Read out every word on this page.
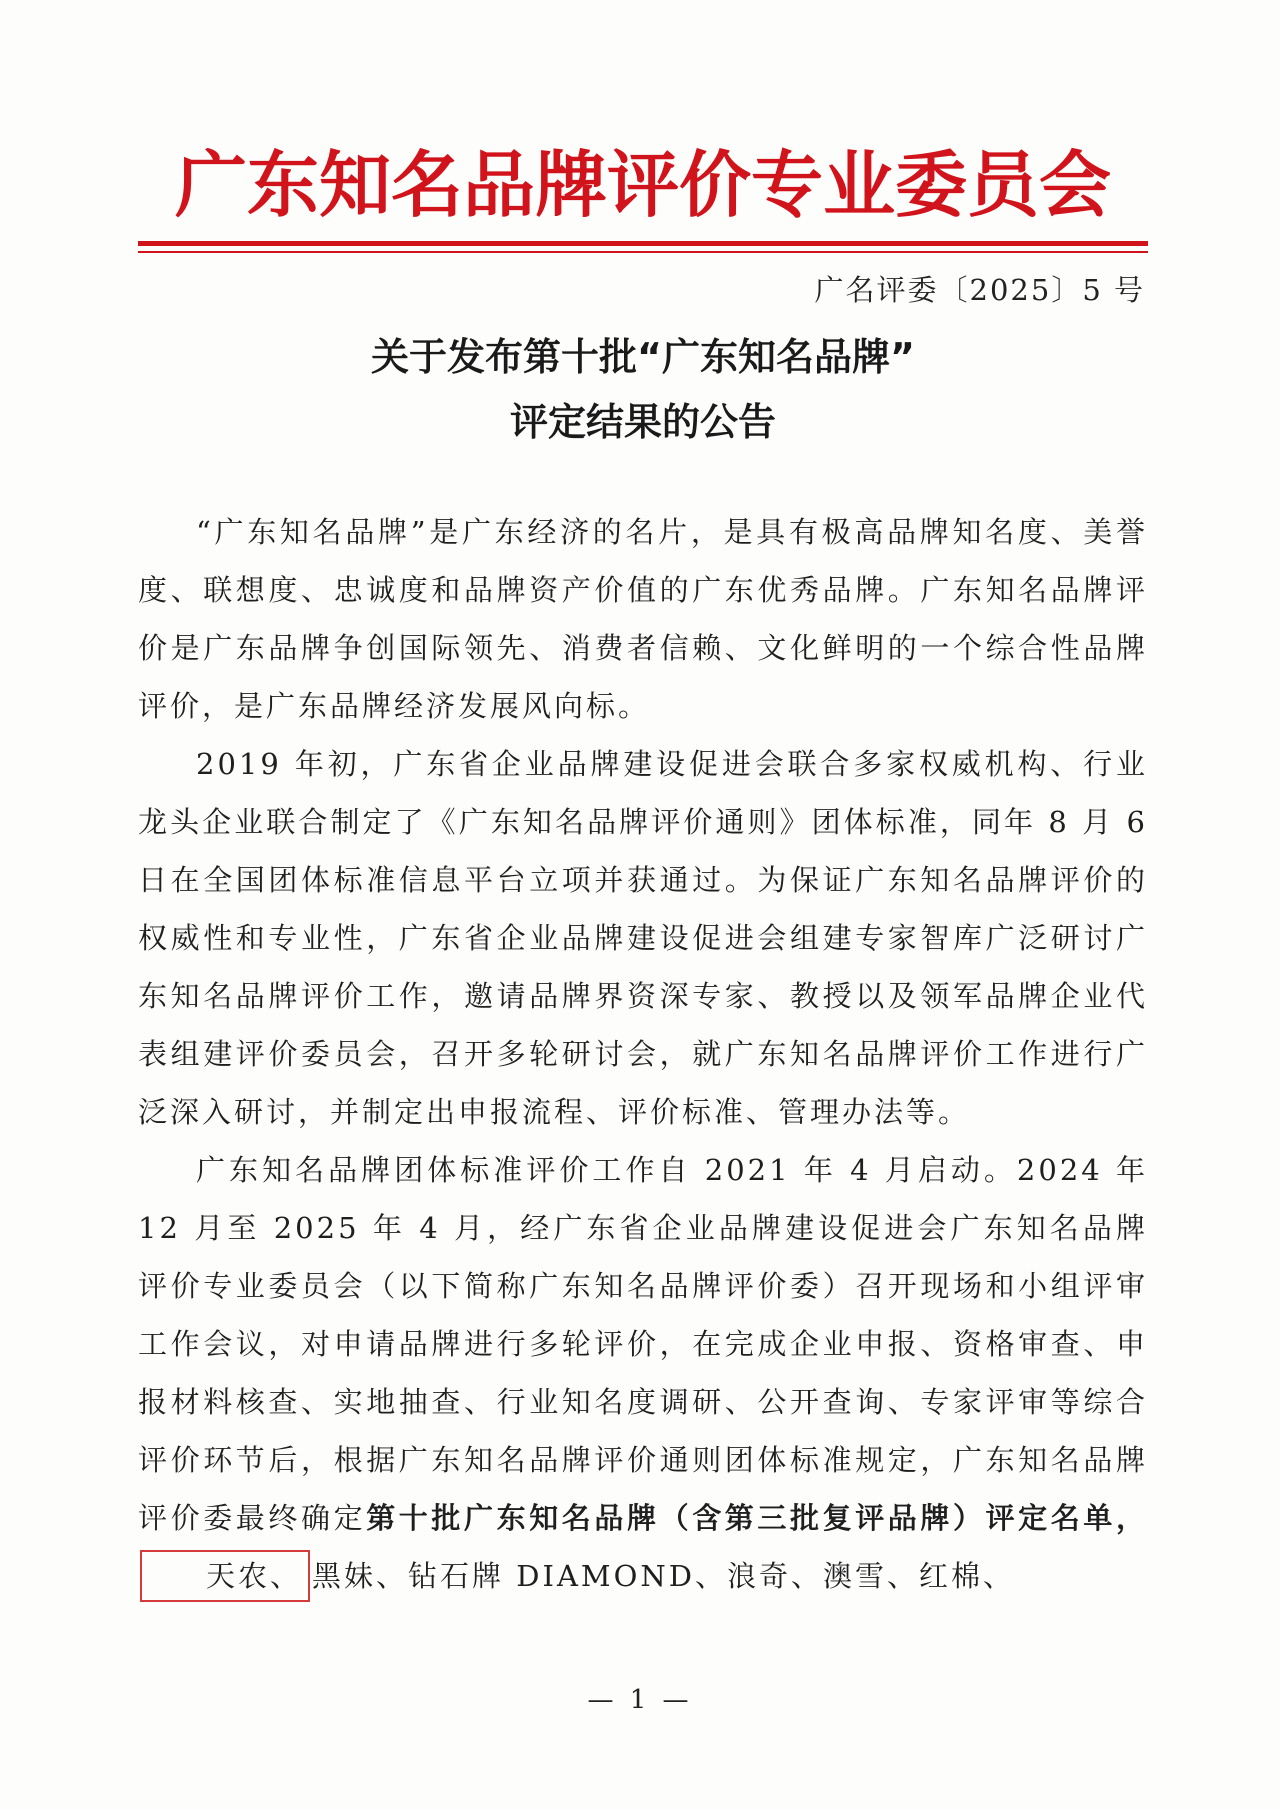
广东知名品牌评价专业委员会
广名评委〔2025〕5 号
关于发布第十批“广东知名品牌”
评定结果的公告

“广东知名品牌”是广东经济的名片，是具有极高品牌知名度、美誉度、联想度、忠诚度和品牌资产价值的广东优秀品牌。广东知名品牌评价是广东品牌争创国际领先、消费者信赖、文化鲜明的一个综合性品牌评价，是广东品牌经济发展风向标。

2019 年初，广东省企业品牌建设促进会联合多家权威机构、行业龙头企业联合制定了《广东知名品牌评价通则》团体标准，同年 8 月 6 日在全国团体标准信息平台立项并获通过。为保证广东知名品牌评价的权威性和专业性，广东省企业品牌建设促进会组建专家智库广泛研讨广东知名品牌评价工作，邀请品牌界资深专家、教授以及领军品牌企业代表组建评价委员会，召开多轮研讨会，就广东知名品牌评价工作进行广泛深入研讨，并制定出申报流程、评价标准、管理办法等。

广东知名品牌团体标准评价工作自 2021 年 4 月启动。2024 年 12 月至 2025 年 4 月，经广东省企业品牌建设促进会广东知名品牌评价专业委员会（以下简称广东知名品牌评价委）召开现场和小组评审工作会议，对申请品牌进行多轮评价，在完成企业申报、资格审查、申报材料核查、实地抽查、行业知名度调研、公开查询、专家评审等综合评价环节后，根据广东知名品牌评价通则团体标准规定，广东知名品牌评价委最终确定第十批广东知名品牌（含第三批复评品牌）评定名单，天农、 黑妹、钻石牌 DIAMOND、浪奇、澳雪、红棉、

— 1 —
